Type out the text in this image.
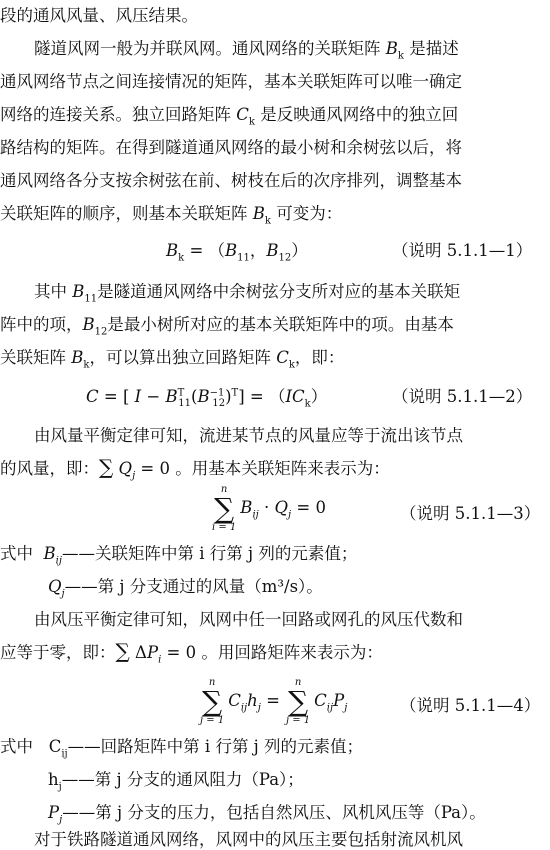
段的通风风量、风压结果。
隧道风网一般为并联风网。通风网络的关联矩阵 $B_k$ 是描述
通风网络节点之间连接情况的矩阵，基本关联矩阵可以唯一确定
网络的连接关系。独立回路矩阵 $C_k$ 是反映通风网络中的独立回
路结构的矩阵。在得到隧道通风网络的最小树和余树弦以后，将
通风网络各分支按余树弦在前、树枝在后的次序排列，调整基本
关联矩阵的顺序，则基本关联矩阵 $B_k$ 可变为：
$B_k = (B_{11}$，$B_{12}$）	（说明 5.1.1—1）
其中 $B_{11}$是隧道通风网络中余树弦分支所对应的基本关联矩
阵中的项，$B_{12}$是最小树所对应的基本关联矩阵中的项。由基本
关联矩阵 $B_k$，可以算出独立回路矩阵 $C_k$，即：
C = [ $I - B^T_{11}(B^{-1}_{12})^T] = (IC_k)$	（说明 5.1.1—2）
由风量平衡定律可知，流进某节点的风量应等于流出该节点
的风量，即：∑ $Q_j = 0$ 。用基本关联矩阵来表示为：
n
∑
i = 1
$B_{ij} \cdot Q_j = 0$	（说明 5.1.1—3）
式中 $B_{ij}——$关联矩阵中第 i 行第 j 列的元素值；
$Q_j——$第 j 分支通过的风量（m³/s）。
由风压平衡定律可知，风网中任一回路或网孔的风压代数和
应等于零，即：∑ $\Delta P_i = 0$ 。用回路矩阵来表示为：
n
∑
j = 1
$C_{ij}h_j$ =
n
∑
j = 1
$C_{ij}P_j$	（说明 5.1.1—4）
式中   $C_{ij}——$回路矩阵中第 i 行第 j 列的元素值；
$h_j——$第 j 分支的通风阻力（Pa）；
$P_j——$第 j 分支的压力，包括自然风压、风机风压等（Pa）。
对于铁路隧道通风网络，风网中的风压主要包括射流风机风
